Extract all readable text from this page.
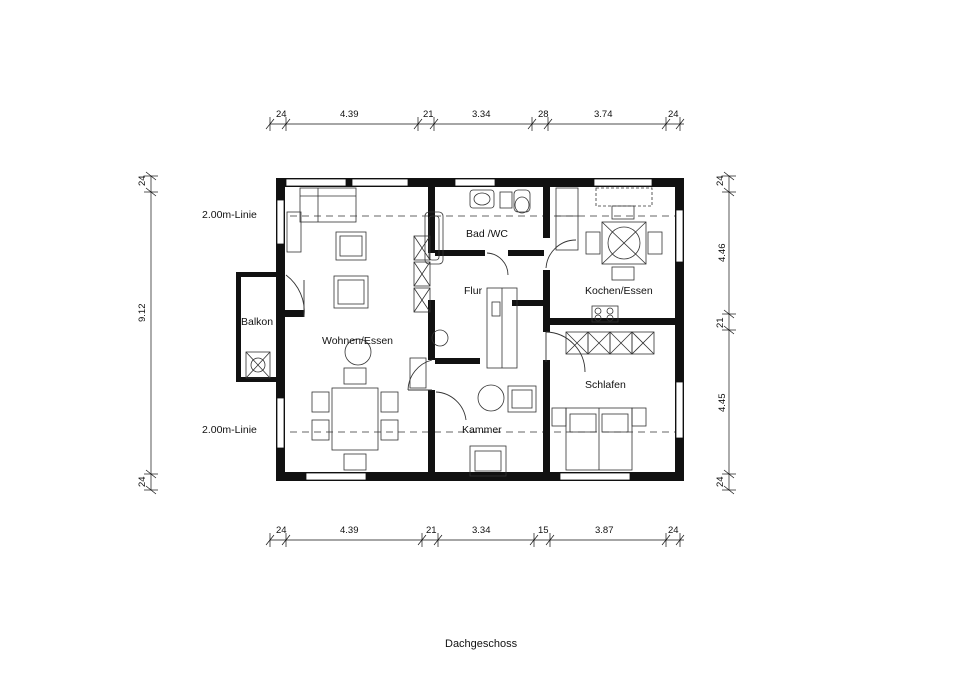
Balkon
Wohnen/Essen
Kammer
Flur
Bad /WC
Kochen/Essen
Schlafen
2.00m-Linie
2.00m-Linie
24	4.39	21	3.34	28	3.74	24
24	4.39	21	3.34	15	3.87	24
24
9.12
24
24
4.46
21
4.45
24
Dachgeschoss
